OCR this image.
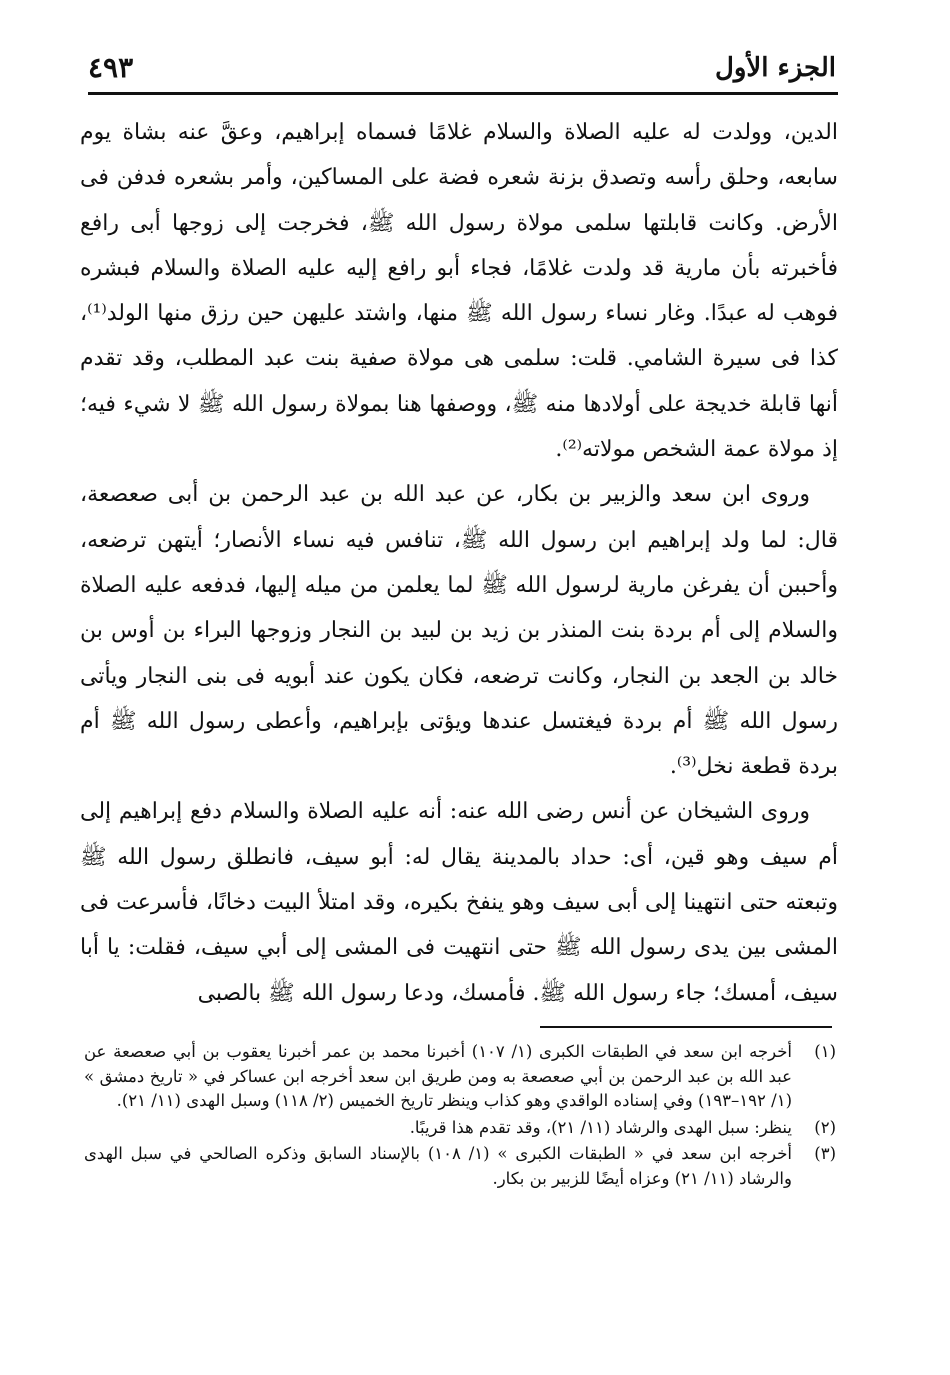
الجزء الأول
٤٩٣

الدين، وولدت له عليه الصلاة والسلام غلامًا فسماه إبراهيم، وعقَّ عنه بشاة يوم سابعه، وحلق رأسه وتصدق بزنة شعره فضة على المساكين، وأمر بشعره فدفن فى الأرض. وكانت قابلتها سلمى مولاة رسول الله ﷺ، فخرجت إلى زوجها أبى رافع فأخبرته بأن مارية قد ولدت غلامًا، فجاء أبو رافع إليه عليه الصلاة والسلام فبشره فوهب له عبدًا. وغار نساء رسول الله ﷺ منها، واشتد عليهن حين رزق منها الولد⁽¹⁾، كذا فى سيرة الشامي. قلت: سلمى هى مولاة صفية بنت عبد المطلب، وقد تقدم أنها قابلة خديجة على أولادها منه ﷺ، ووصفها هنا بمولاة رسول الله ﷺ لا شيء فيه؛ إذ مولاة عمة الشخص مولاته⁽²⁾.

وروى ابن سعد والزبير بن بكار، عن عبد الله بن عبد الرحمن بن أبى صعصعة، قال: لما ولد إبراهيم ابن رسول الله ﷺ، تنافس فيه نساء الأنصار؛ أيتهن ترضعه، وأحببن أن يفرغن مارية لرسول الله ﷺ لما يعلمن من ميله إليها، فدفعه عليه الصلاة والسلام إلى أم بردة بنت المنذر بن زيد بن لبيد بن النجار وزوجها البراء بن أوس بن خالد بن الجعد بن النجار، وكانت ترضعه، فكان يكون عند أبويه فى بنى النجار ويأتى رسول الله ﷺ أم بردة فيغتسل عندها ويؤتى بإبراهيم، وأعطى رسول الله ﷺ أم بردة قطعة نخل⁽³⁾.

وروى الشيخان عن أنس رضى الله عنه: أنه عليه الصلاة والسلام دفع إبراهيم إلى أم سيف وهو قين، أى: حداد بالمدينة يقال له: أبو سيف، فانطلق رسول الله ﷺ وتبعته حتى انتهينا إلى أبى سيف وهو ينفخ بكيره، وقد امتلأ البيت دخانًا، فأسرعت فى المشى بين يدى رسول الله ﷺ حتى انتهيت فى المشى إلى أبي سيف، فقلت: يا أبا سيف، أمسك؛ جاء رسول الله ﷺ. فأمسك، ودعا رسول الله ﷺ بالصبى

(١)
أخرجه ابن سعد في الطبقات الكبرى (١/ ١٠٧) أخبرنا محمد بن عمر أخبرنا يعقوب بن أبي صعصعة عن عبد الله بن عبد الرحمن بن أبي صعصعة به ومن طريق ابن سعد أخرجه ابن عساكر في « تاريخ دمشق » (١/ ١٩٢–١٩٣) وفي إسناده الواقدي وهو كذاب وينظر تاريخ الخميس (٢/ ١١٨) وسبل الهدى (١١/ ٢١).
(٢)
ينظر: سبل الهدى والرشاد (١١/ ٢١)، وقد تقدم هذا قريبًا.
(٣)
أخرجه ابن سعد في « الطبقات الكبرى » (١/ ١٠٨) بالإسناد السابق وذكره الصالحي في سبل الهدى والرشاد (١١/ ٢١) وعزاه أيضًا للزبير بن بكار.
